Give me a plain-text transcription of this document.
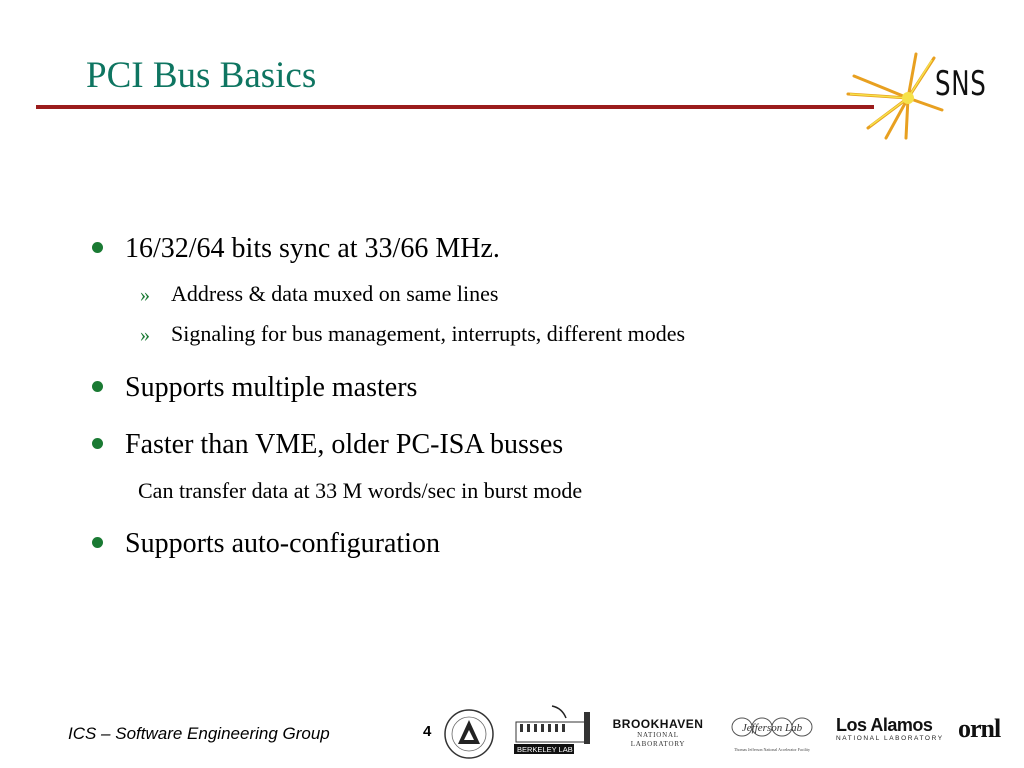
PCI Bus Basics	SNS
16/32/64 bits sync at 33/66 MHz.
» Address & data muxed on same lines
» Signaling for bus management, interrupts, different modes
Supports multiple masters
Faster than VME, older PC-ISA busses
Can transfer data at 33 M words/sec in burst mode
Supports auto-configuration
ICS – Software Engineering Group	4
BERKELEY LAB
BROOKHAVEN
NATIONAL LABORATORY
Jefferson Lab
Thomas Jefferson National Accelerator Facility
Los Alamos
NATIONAL LABORATORY ornl
